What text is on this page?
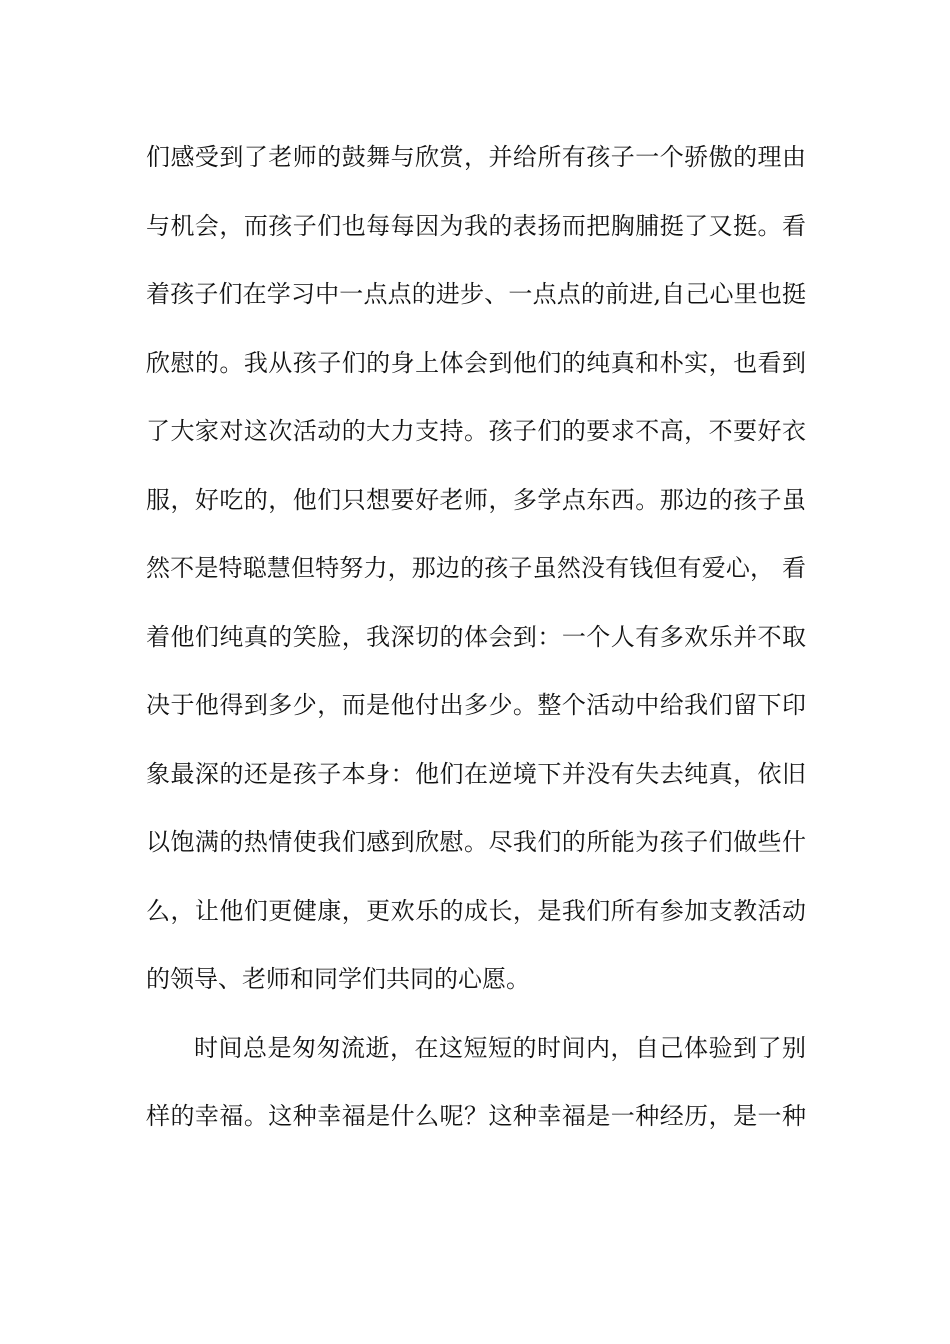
们感受到了老师的鼓舞与欣赏，并给所有孩子一个骄傲的理由
与机会，而孩子们也每每因为我的表扬而把胸脯挺了又挺。看
着孩子们在学习中一点点的进步、一点点的前进,自己心里也挺
欣慰的。我从孩子们的身上体会到他们的纯真和朴实，也看到
了大家对这次活动的大力支持。孩子们的要求不高，不要好衣
服，好吃的，他们只想要好老师，多学点东西。那边的孩子虽
然不是特聪慧但特努力，那边的孩子虽然没有钱但有爱心， 看
着他们纯真的笑脸，我深切的体会到：一个人有多欢乐并不取
决于他得到多少，而是他付出多少。整个活动中给我们留下印
象最深的还是孩子本身：他们在逆境下并没有失去纯真，依旧
以饱满的热情使我们感到欣慰。尽我们的所能为孩子们做些什
么，让他们更健康，更欢乐的成长，是我们所有参加支教活动
的领导、老师和同学们共同的心愿。
时间总是匆匆流逝，在这短短的时间内，自己体验到了别
样的幸福。这种幸福是什么呢？这种幸福是一种经历，是一种
